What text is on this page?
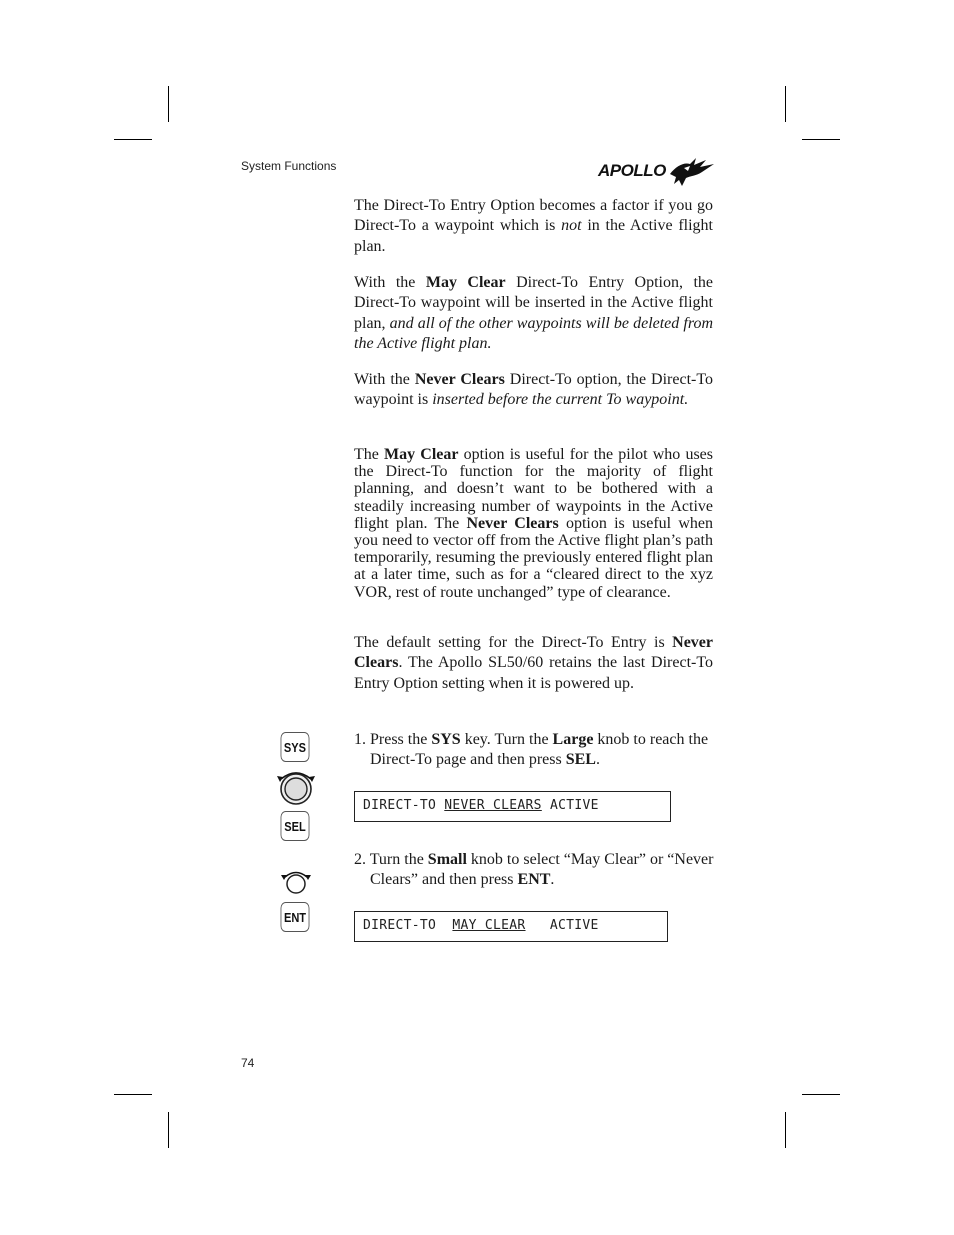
System Functions	APOLLO

The Direct-To Entry Option becomes a factor if you go Direct-To a waypoint which is not in the Active flight plan.

With the May Clear Direct-To Entry Option, the Direct-To waypoint will be inserted in the Active flight plan, and all of the other waypoints will be deleted from the Active flight plan.

With the Never Clears Direct-To option, the Direct-To waypoint is inserted before the current To waypoint.

The May Clear option is useful for the pilot who uses the Direct-To function for the majority of flight planning, and doesn’t want to be bothered with a steadily increasing number of waypoints in the Active flight plan. The Never Clears option is useful when you need to vector off from the Active flight plan’s path temporarily, resuming the previously entered flight plan at a later time, such as for a “cleared direct to the xyz VOR, rest of route unchanged” type of clearance.

The default setting for the Direct-To Entry is Never Clears. The Apollo SL50/60 retains the last Direct-To Entry Option setting when it is powered up.

1. Press the SYS key. Turn the Large knob to reach the Direct-To page and then press SEL.

DIRECT-TO NEVER CLEARS ACTIVE

2. Turn the Small knob to select “May Clear” or “Never Clears” and then press ENT.

DIRECT-TO  MAY CLEAR   ACTIVE
SYS
SEL
ENT
74
